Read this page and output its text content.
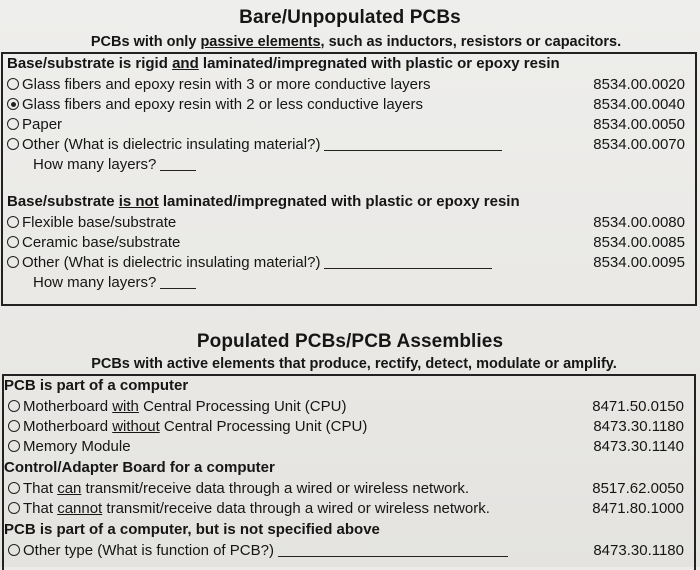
Bare/Unpopulated PCBs
PCBs with only passive elements, such as inductors, resistors or capacitors.
Base/substrate is rigid and laminated/impregnated with plastic or epoxy resin
Glass fibers and epoxy resin with 3 or more conductive layers	8534.00.0020
Glass fibers and epoxy resin with 2 or less conductive layers	8534.00.0040
Paper	8534.00.0050
Other (What is dielectric insulating material?)	8534.00.0070
How many layers?
Base/substrate is not laminated/impregnated with plastic or epoxy resin
Flexible base/substrate	8534.00.0080
Ceramic base/substrate	8534.00.0085
Other (What is dielectric insulating material?)	8534.00.0095
How many layers?
Populated PCBs/PCB Assemblies
PCBs with active elements that produce, rectify, detect, modulate or amplify.
PCB is part of a computer
Motherboard with Central Processing Unit (CPU)	8471.50.0150
Motherboard without Central Processing Unit (CPU)	8473.30.1180
Memory Module	8473.30.1140
Control/Adapter Board for a computer
That can transmit/receive data through a wired or wireless network.	8517.62.0050
That cannot transmit/receive data through a wired or wireless network.	8471.80.1000
PCB is part of a computer, but is not specified above
Other type (What is function of PCB?)	8473.30.1180
